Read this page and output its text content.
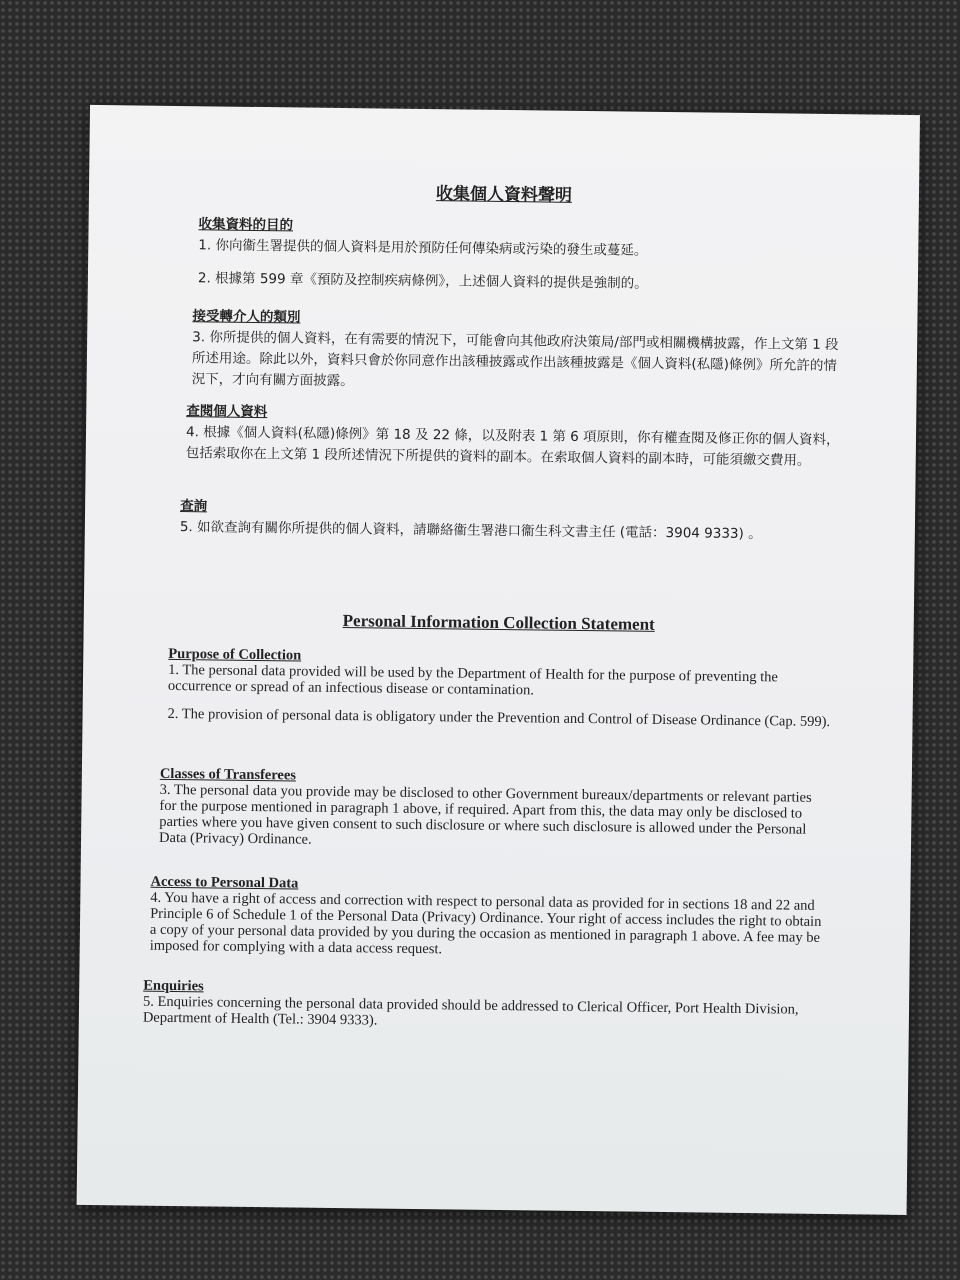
收集個人資料聲明
收集資料的目的

1. 你向衞生署提供的個人資料是用於預防任何傳染病或污染的發生或蔓延。

2. 根據第 599 章《預防及控制疾病條例》，上述個人資料的提供是強制的。

接受轉介人的類別

3. 你所提供的個人資料，在有需要的情況下，可能會向其他政府決策局/部門或相關機構披露，作上文第 1 段所述用途。除此以外，資料只會於你同意作出該種披露或作出該種披露是《個人資料(私隱)條例》所允許的情況下，才向有關方面披露。

查閱個人資料

4. 根據《個人資料(私隱)條例》第 18 及 22 條，以及附表 1 第 6 項原則，你有權查閱及修正你的個人資料，包括索取你在上文第 1 段所述情況下所提供的資料的副本。在索取個人資料的副本時，可能須繳交費用。

查詢

5. 如欲查詢有關你所提供的個人資料，請聯絡衞生署港口衞生科文書主任 (電話：3904 9333) 。

Personal Information Collection Statement
Purpose of Collection

1. The personal data provided will be used by the Department of Health for the purpose of preventing the occurrence or spread of an infectious disease or contamination.

2. The provision of personal data is obligatory under the Prevention and Control of Disease Ordinance (Cap. 599).

Classes of Transferees

3. The personal data you provide may be disclosed to other Government bureaux/departments or relevant parties for the purpose mentioned in paragraph 1 above, if required. Apart from this, the data may only be disclosed to parties where you have given consent to such disclosure or where such disclosure is allowed under the Personal Data (Privacy) Ordinance.

Access to Personal Data

4. You have a right of access and correction with respect to personal data as provided for in sections 18 and 22 and Principle 6 of Schedule 1 of the Personal Data (Privacy) Ordinance. Your right of access includes the right to obtain a copy of your personal data provided by you during the occasion as mentioned in paragraph 1 above. A fee may be imposed for complying with a data access request.

Enquiries

5. Enquiries concerning the personal data provided should be addressed to Clerical Officer, Port Health Division, Department of Health (Tel.: 3904 9333).
